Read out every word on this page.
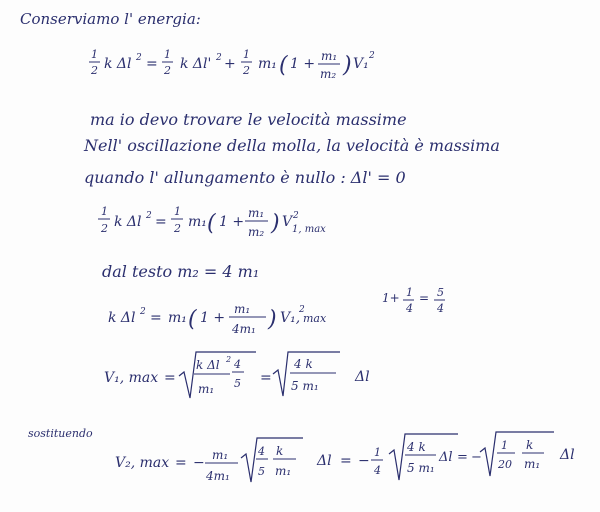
Conserviamo l' energia:
1
2 k Δl 2 =
1
2 k Δl' 2 +
1
2 m₁ ( 1 + m₁
m₂ ) V₁ 2
1
2 k Δl 2 =
1
2 m₁ ( 1 +
m₁
m₂ ) V 2
1, max
k Δl 2 = m₁ ( 1 +
m₁
4m₁ ) V₁,
2
max
1+ 1
4
= 5
4
V₁, max =
k Δl 2
m₁
4
5 =
4 k
5 m₁
Δl
V₂, max = − m₁
4m₁
4
5
k
m₁
Δl = −
1
4
4 k
5 m₁
Δl = −
1
20
k
m₁
Δl
ma io devo trovare le velocità massime
Nell' oscillazione della molla, la velocità è massima
quando l' allungamento è nullo : Δl' = 0
dal testo m₂ = 4 m₁
sostituendo
